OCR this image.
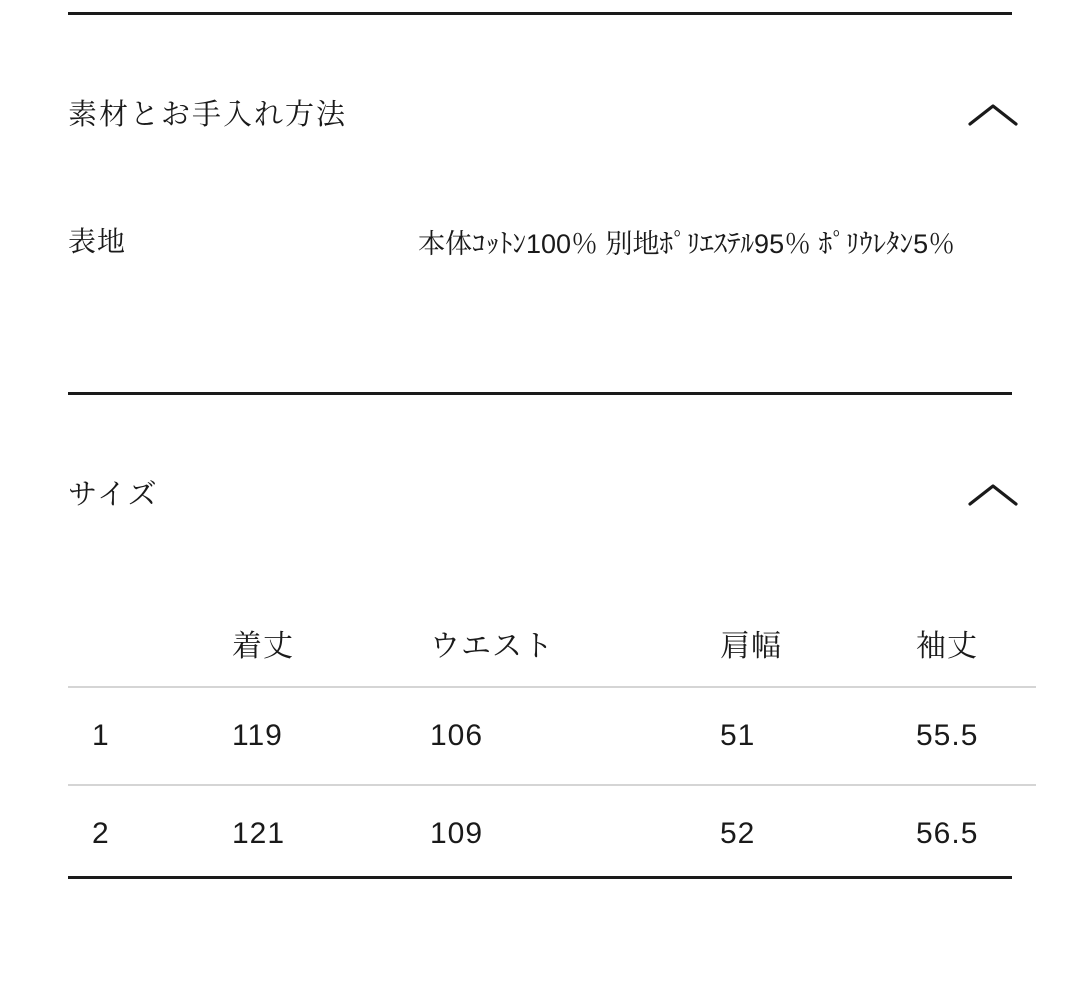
素材とお手入れ方法
表地	本体ｺｯﾄﾝ100％ 別地ﾎﾟﾘｴｽﾃﾙ95％ ﾎﾟﾘｳﾚﾀﾝ5％
サイズ
	着丈	ウエスト	肩幅	袖丈
1	119	106	51	55.5
2	121	109	52	56.5
